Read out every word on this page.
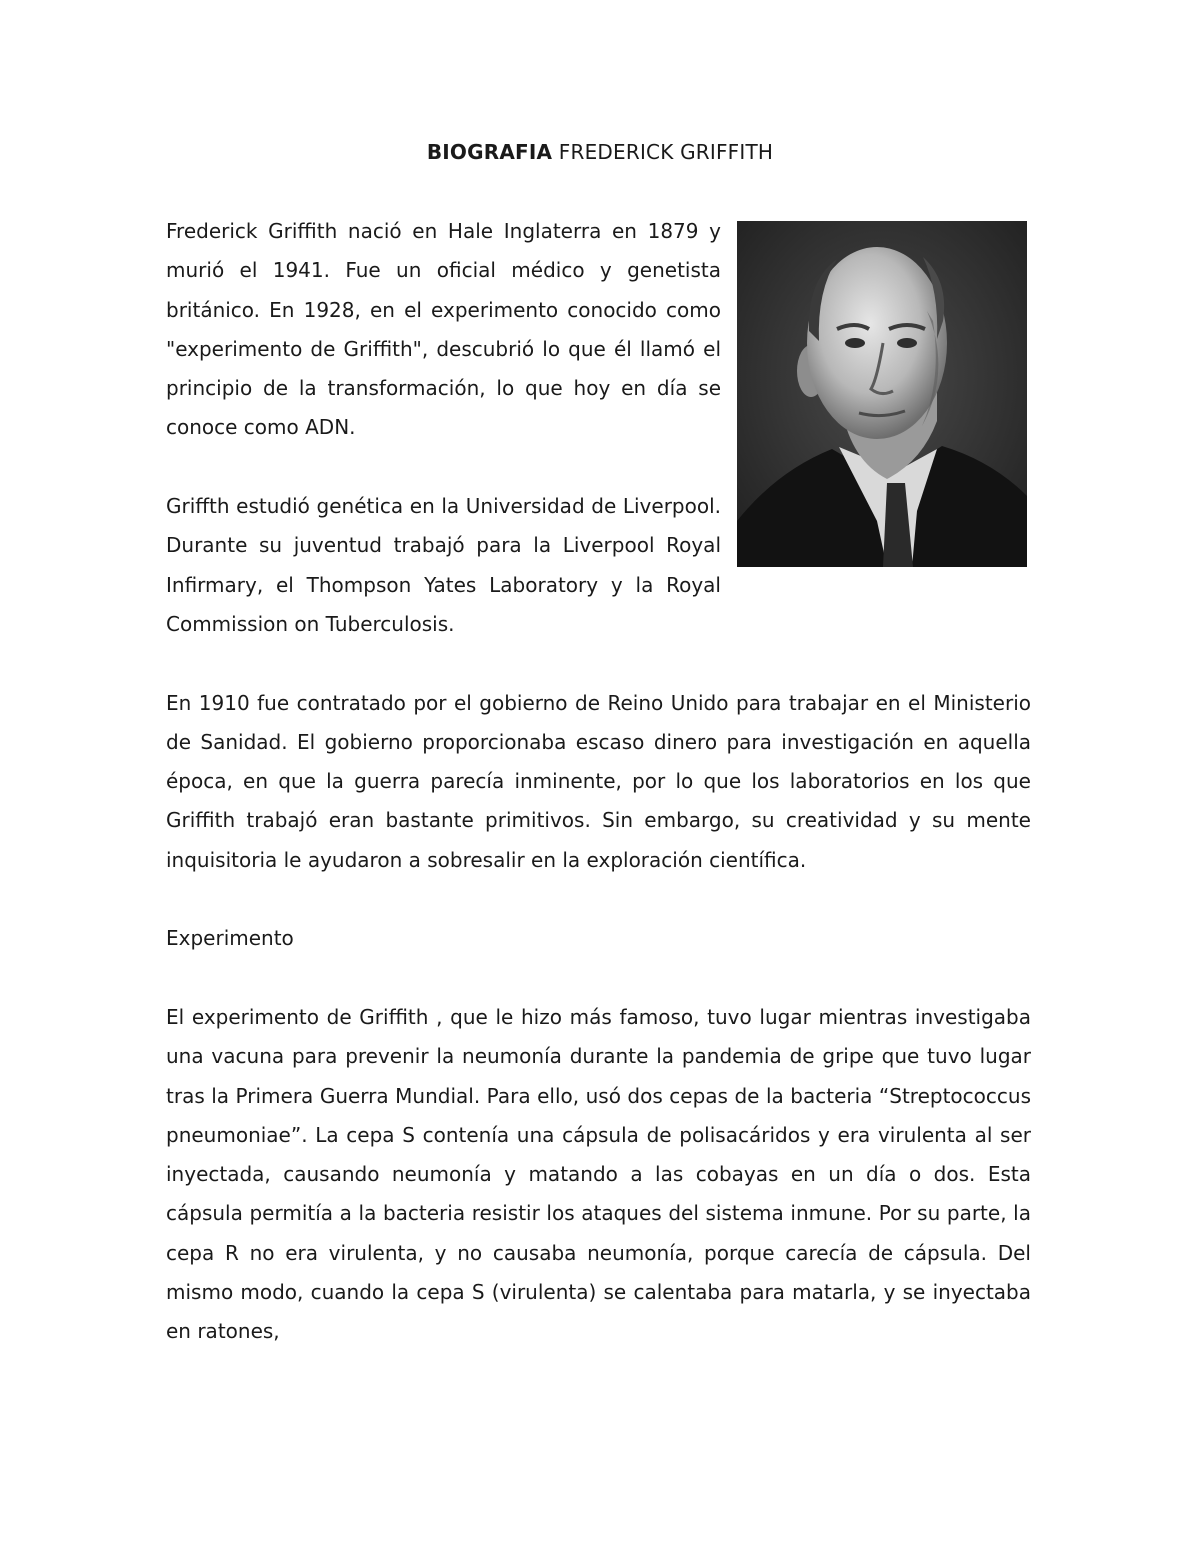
BIOGRAFIA FREDERICK GRIFFITH

Frederick Griffith nació en Hale Inglaterra en 1879 y murió el 1941. Fue un oficial médico y genetista británico. En 1928, en el experimento conocido como "experimento de Griffith", descubrió lo que él llamó el principio de la transformación, lo que hoy en día se conoce como ADN.

Griffth estudió genética en la Universidad de Liverpool. Durante su juventud trabajó para la Liverpool Royal Infirmary, el Thompson Yates Laboratory y la Royal Commission on Tuberculosis.

En 1910 fue contratado por el gobierno de Reino Unido para trabajar en el Ministerio de Sanidad. El gobierno proporcionaba escaso dinero para investigación en aquella época, en que la guerra parecía inminente, por lo que los laboratorios en los que Griffith trabajó eran bastante primitivos. Sin embargo, su creatividad y su mente inquisitoria le ayudaron a sobresalir en la exploración científica.

Experimento

El experimento de Griffith , que le hizo más famoso, tuvo lugar mientras investigaba una vacuna para prevenir la neumonía durante la pandemia de gripe que tuvo lugar tras la Primera Guerra Mundial. Para ello, usó dos cepas de la bacteria “Streptococcus pneumoniae”. La cepa S contenía una cápsula de polisacáridos y era virulenta al ser inyectada, causando neumonía y matando a las cobayas en un día o dos. Esta cápsula permitía a la bacteria resistir los ataques del sistema inmune. Por su parte, la cepa R no era virulenta, y no causaba neumonía, porque carecía de cápsula. Del mismo modo, cuando la cepa S (virulenta) se calentaba para matarla, y se inyectaba en ratones,
